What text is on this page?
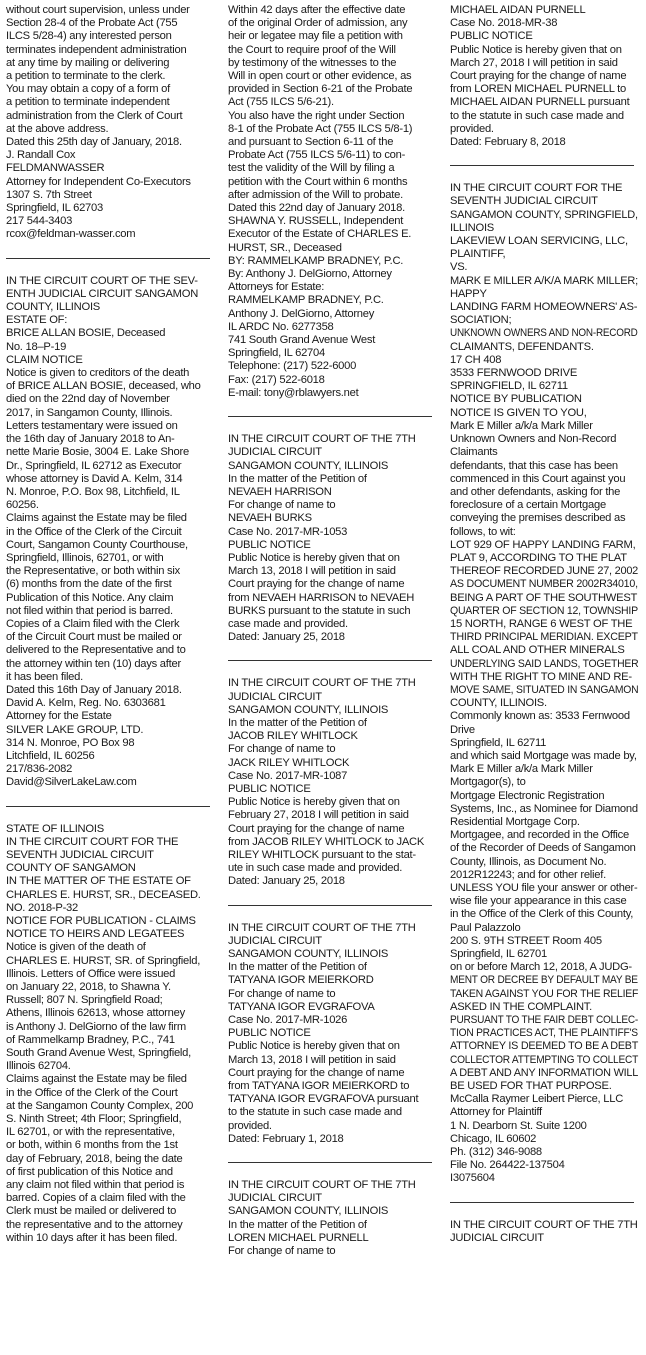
without court supervision, unless under
Section 28-4 of the Probate Act (755
ILCS 5/28-4) any interested person
terminates independent administration
at any time by mailing or delivering
a petition to terminate to the clerk.
You may obtain a copy of a form of
a petition to terminate independent
administration from the Clerk of Court
at the above address.
Dated this 25th day of January, 2018.
J. Randall Cox
FELDMANWASSER
Attorney for Independent Co-Executors
1307 S. 7th Street
Springfield, IL 62703
217 544-3403
rcox@feldman-wasser.com
IN THE CIRCUIT COURT OF THE SEV-
ENTH JUDICIAL CIRCUIT SANGAMON
COUNTY, ILLINOIS
ESTATE OF:
BRICE ALLAN BOSIE, Deceased
No. 18–P-19
CLAIM NOTICE
Notice is given to creditors of the death
of BRICE ALLAN BOSIE, deceased, who
died on the 22nd day of November
2017, in Sangamon County, Illinois.
Letters testamentary were issued on
the 16th day of January 2018 to An-
nette Marie Bosie, 3004 E. Lake Shore
Dr., Springfield, IL 62712 as Executor
whose attorney is David A. Kelm, 314
N. Monroe, P.O. Box 98, Litchfield, IL
60256.
Claims against the Estate may be filed
in the Office of the Clerk of the Circuit
Court, Sangamon County Courthouse,
Springfield, Illinois, 62701, or with
the Representative, or both within six
(6) months from the date of the first
Publication of this Notice. Any claim
not filed within that period is barred.
Copies of a Claim filed with the Clerk
of the Circuit Court must be mailed or
delivered to the Representative and to
the attorney within ten (10) days after
it has been filed.
Dated this 16th Day of January 2018.
David A. Kelm, Reg. No. 6303681
Attorney for the Estate
SILVER LAKE GROUP, LTD.
314 N. Monroe, PO Box 98
Litchfield, IL 60256
217/836-2082
David@SilverLakeLaw.com
STATE OF ILLINOIS
IN THE CIRCUIT COURT FOR THE
SEVENTH JUDICIAL CIRCUIT
COUNTY OF SANGAMON
IN THE MATTER OF THE ESTATE OF
CHARLES E. HURST, SR., DECEASED.
NO. 2018-P-32
NOTICE FOR PUBLICATION - CLAIMS
NOTICE TO HEIRS AND LEGATEES
Notice is given of the death of
CHARLES E. HURST, SR. of Springfield,
Illinois. Letters of Office were issued
on January 22, 2018, to Shawna Y.
Russell; 807 N. Springfield Road;
Athens, Illinois 62613, whose attorney
is Anthony J. DelGiorno of the law firm
of Rammelkamp Bradney, P.C., 741
South Grand Avenue West, Springfield,
Illinois 62704.
Claims against the Estate may be filed
in the Office of the Clerk of the Court
at the Sangamon County Complex, 200
S. Ninth Street; 4th Floor; Springfield,
IL 62701, or with the representative,
or both, within 6 months from the 1st
day of February, 2018, being the date
of first publication of this Notice and
any claim not filed within that period is
barred. Copies of a claim filed with the
Clerk must be mailed or delivered to
the representative and to the attorney
within 10 days after it has been filed.
Within 42 days after the effective date
of the original Order of admission, any
heir or legatee may file a petition with
the Court to require proof of the Will
by testimony of the witnesses to the
Will in open court or other evidence, as
provided in Section 6-21 of the Probate
Act (755 ILCS 5/6-21).
You also have the right under Section
8-1 of the Probate Act (755 ILCS 5/8-1)
and pursuant to Section 6-11 of the
Probate Act (755 ILCS 5/6-11) to con-
test the validity of the Will by filing a
petition with the Court within 6 months
after admission of the Will to probate.
Dated this 22nd day of January 2018.
SHAWNA Y. RUSSELL, Independent
Executor of the Estate of CHARLES E.
HURST, SR., Deceased
BY: RAMMELKAMP BRADNEY, P.C.
By: Anthony J. DelGiorno, Attorney
Attorneys for Estate:
RAMMELKAMP BRADNEY, P.C.
Anthony J. DelGiorno, Attorney
IL ARDC No. 6277358
741 South Grand Avenue West
Springfield, IL 62704
Telephone: (217) 522-6000
Fax: (217) 522-6018
E-mail: tony@rblawyers.net
IN THE CIRCUIT COURT OF THE 7TH
JUDICIAL CIRCUIT
SANGAMON COUNTY, ILLINOIS
In the matter of the Petition of
NEVAEH HARRISON
For change of name to
NEVAEH BURKS
Case No. 2017-MR-1053
PUBLIC NOTICE
Public Notice is hereby given that on
March 13, 2018 I will petition in said
Court praying for the change of name
from NEVAEH HARRISON to NEVAEH
BURKS pursuant to the statute in such
case made and provided.
Dated: January 25, 2018
IN THE CIRCUIT COURT OF THE 7TH
JUDICIAL CIRCUIT
SANGAMON COUNTY, ILLINOIS
In the matter of the Petition of
JACOB RILEY WHITLOCK
For change of name to
JACK RILEY WHITLOCK
Case No. 2017-MR-1087
PUBLIC NOTICE
Public Notice is hereby given that on
February 27, 2018 I will petition in said
Court praying for the change of name
from JACOB RILEY WHITLOCK to JACK
RILEY WHITLOCK pursuant to the stat-
ute in such case made and provided.
Dated: January 25, 2018
IN THE CIRCUIT COURT OF THE 7TH
JUDICIAL CIRCUIT
SANGAMON COUNTY, ILLINOIS
In the matter of the Petition of
TATYANA IGOR MEIERKORD
For change of name to
TATYANA IGOR EVGRAFOVA
Case No. 2017-MR-1026
PUBLIC NOTICE
Public Notice is hereby given that on
March 13, 2018 I will petition in said
Court praying for the change of name
from TATYANA IGOR MEIERKORD to
TATYANA IGOR EVGRAFOVA pursuant
to the statute in such case made and
provided.
Dated: February 1, 2018
IN THE CIRCUIT COURT OF THE 7TH
JUDICIAL CIRCUIT
SANGAMON COUNTY, ILLINOIS
In the matter of the Petition of
LOREN MICHAEL PURNELL
For change of name to
MICHAEL AIDAN PURNELL
Case No. 2018-MR-38
PUBLIC NOTICE
Public Notice is hereby given that on
March 27, 2018 I will petition in said
Court praying for the change of name
from LOREN MICHAEL PURNELL to
MICHAEL AIDAN PURNELL pursuant
to the statute in such case made and
provided.
Dated: February 8, 2018
IN THE CIRCUIT COURT FOR THE
SEVENTH JUDICIAL CIRCUIT
SANGAMON COUNTY, SPRINGFIELD,
ILLINOIS
LAKEVIEW LOAN SERVICING, LLC,
PLAINTIFF,
VS.
MARK E MILLER A/K/A MARK MILLER;
HAPPY
LANDING FARM HOMEOWNERS' AS-
SOCIATION;
UNKNOWN OWNERS AND NON-RECORD
CLAIMANTS, DEFENDANTS.
17 CH 408
3533 FERNWOOD DRIVE
SPRINGFIELD, IL 62711
NOTICE BY PUBLICATION
NOTICE IS GIVEN TO YOU,
Mark E Miller a/k/a Mark Miller
Unknown Owners and Non-Record
Claimants
defendants, that this case has been
commenced in this Court against you
and other defendants, asking for the
foreclosure of a certain Mortgage
conveying the premises described as
follows, to wit:
LOT 929 OF HAPPY LANDING FARM,
PLAT 9, ACCORDING TO THE PLAT
THEREOF RECORDED JUNE 27, 2002
AS DOCUMENT NUMBER 2002R34010,
BEING A PART OF THE SOUTHWEST
QUARTER OF SECTION 12, TOWNSHIP
15 NORTH, RANGE 6 WEST OF THE
THIRD PRINCIPAL MERIDIAN. EXCEPT
ALL COAL AND OTHER MINERALS
UNDERLYING SAID LANDS, TOGETHER
WITH THE RIGHT TO MINE AND RE-
MOVE SAME, SITUATED IN SANGAMON
COUNTY, ILLINOIS.
Commonly known as: 3533 Fernwood
Drive
Springfield, IL 62711
and which said Mortgage was made by,
Mark E Miller a/k/a Mark Miller
Mortgagor(s), to
Mortgage Electronic Registration
Systems, Inc., as Nominee for Diamond
Residential Mortgage Corp.
Mortgagee, and recorded in the Office
of the Recorder of Deeds of Sangamon
County, Illinois, as Document No.
2012R12243; and for other relief.
UNLESS YOU file your answer or other-
wise file your appearance in this case
in the Office of the Clerk of this County,
Paul Palazzolo
200 S. 9TH STREET Room 405
Springfield, IL 62701
on or before March 12, 2018, A JUDG-
MENT OR DECREE BY DEFAULT MAY BE
TAKEN AGAINST YOU FOR THE RELIEF
ASKED IN THE COMPLAINT.
PURSUANT TO THE FAIR DEBT COLLEC-
TION PRACTICES ACT, THE PLAINTIFF'S
ATTORNEY IS DEEMED TO BE A DEBT
COLLECTOR ATTEMPTING TO COLLECT
A DEBT AND ANY INFORMATION WILL
BE USED FOR THAT PURPOSE.
McCalla Raymer Leibert Pierce, LLC
Attorney for Plaintiff
1 N. Dearborn St. Suite 1200
Chicago, IL 60602
Ph. (312) 346-9088
File No. 264422-137504
I3075604
IN THE CIRCUIT COURT OF THE 7TH
JUDICIAL CIRCUIT
